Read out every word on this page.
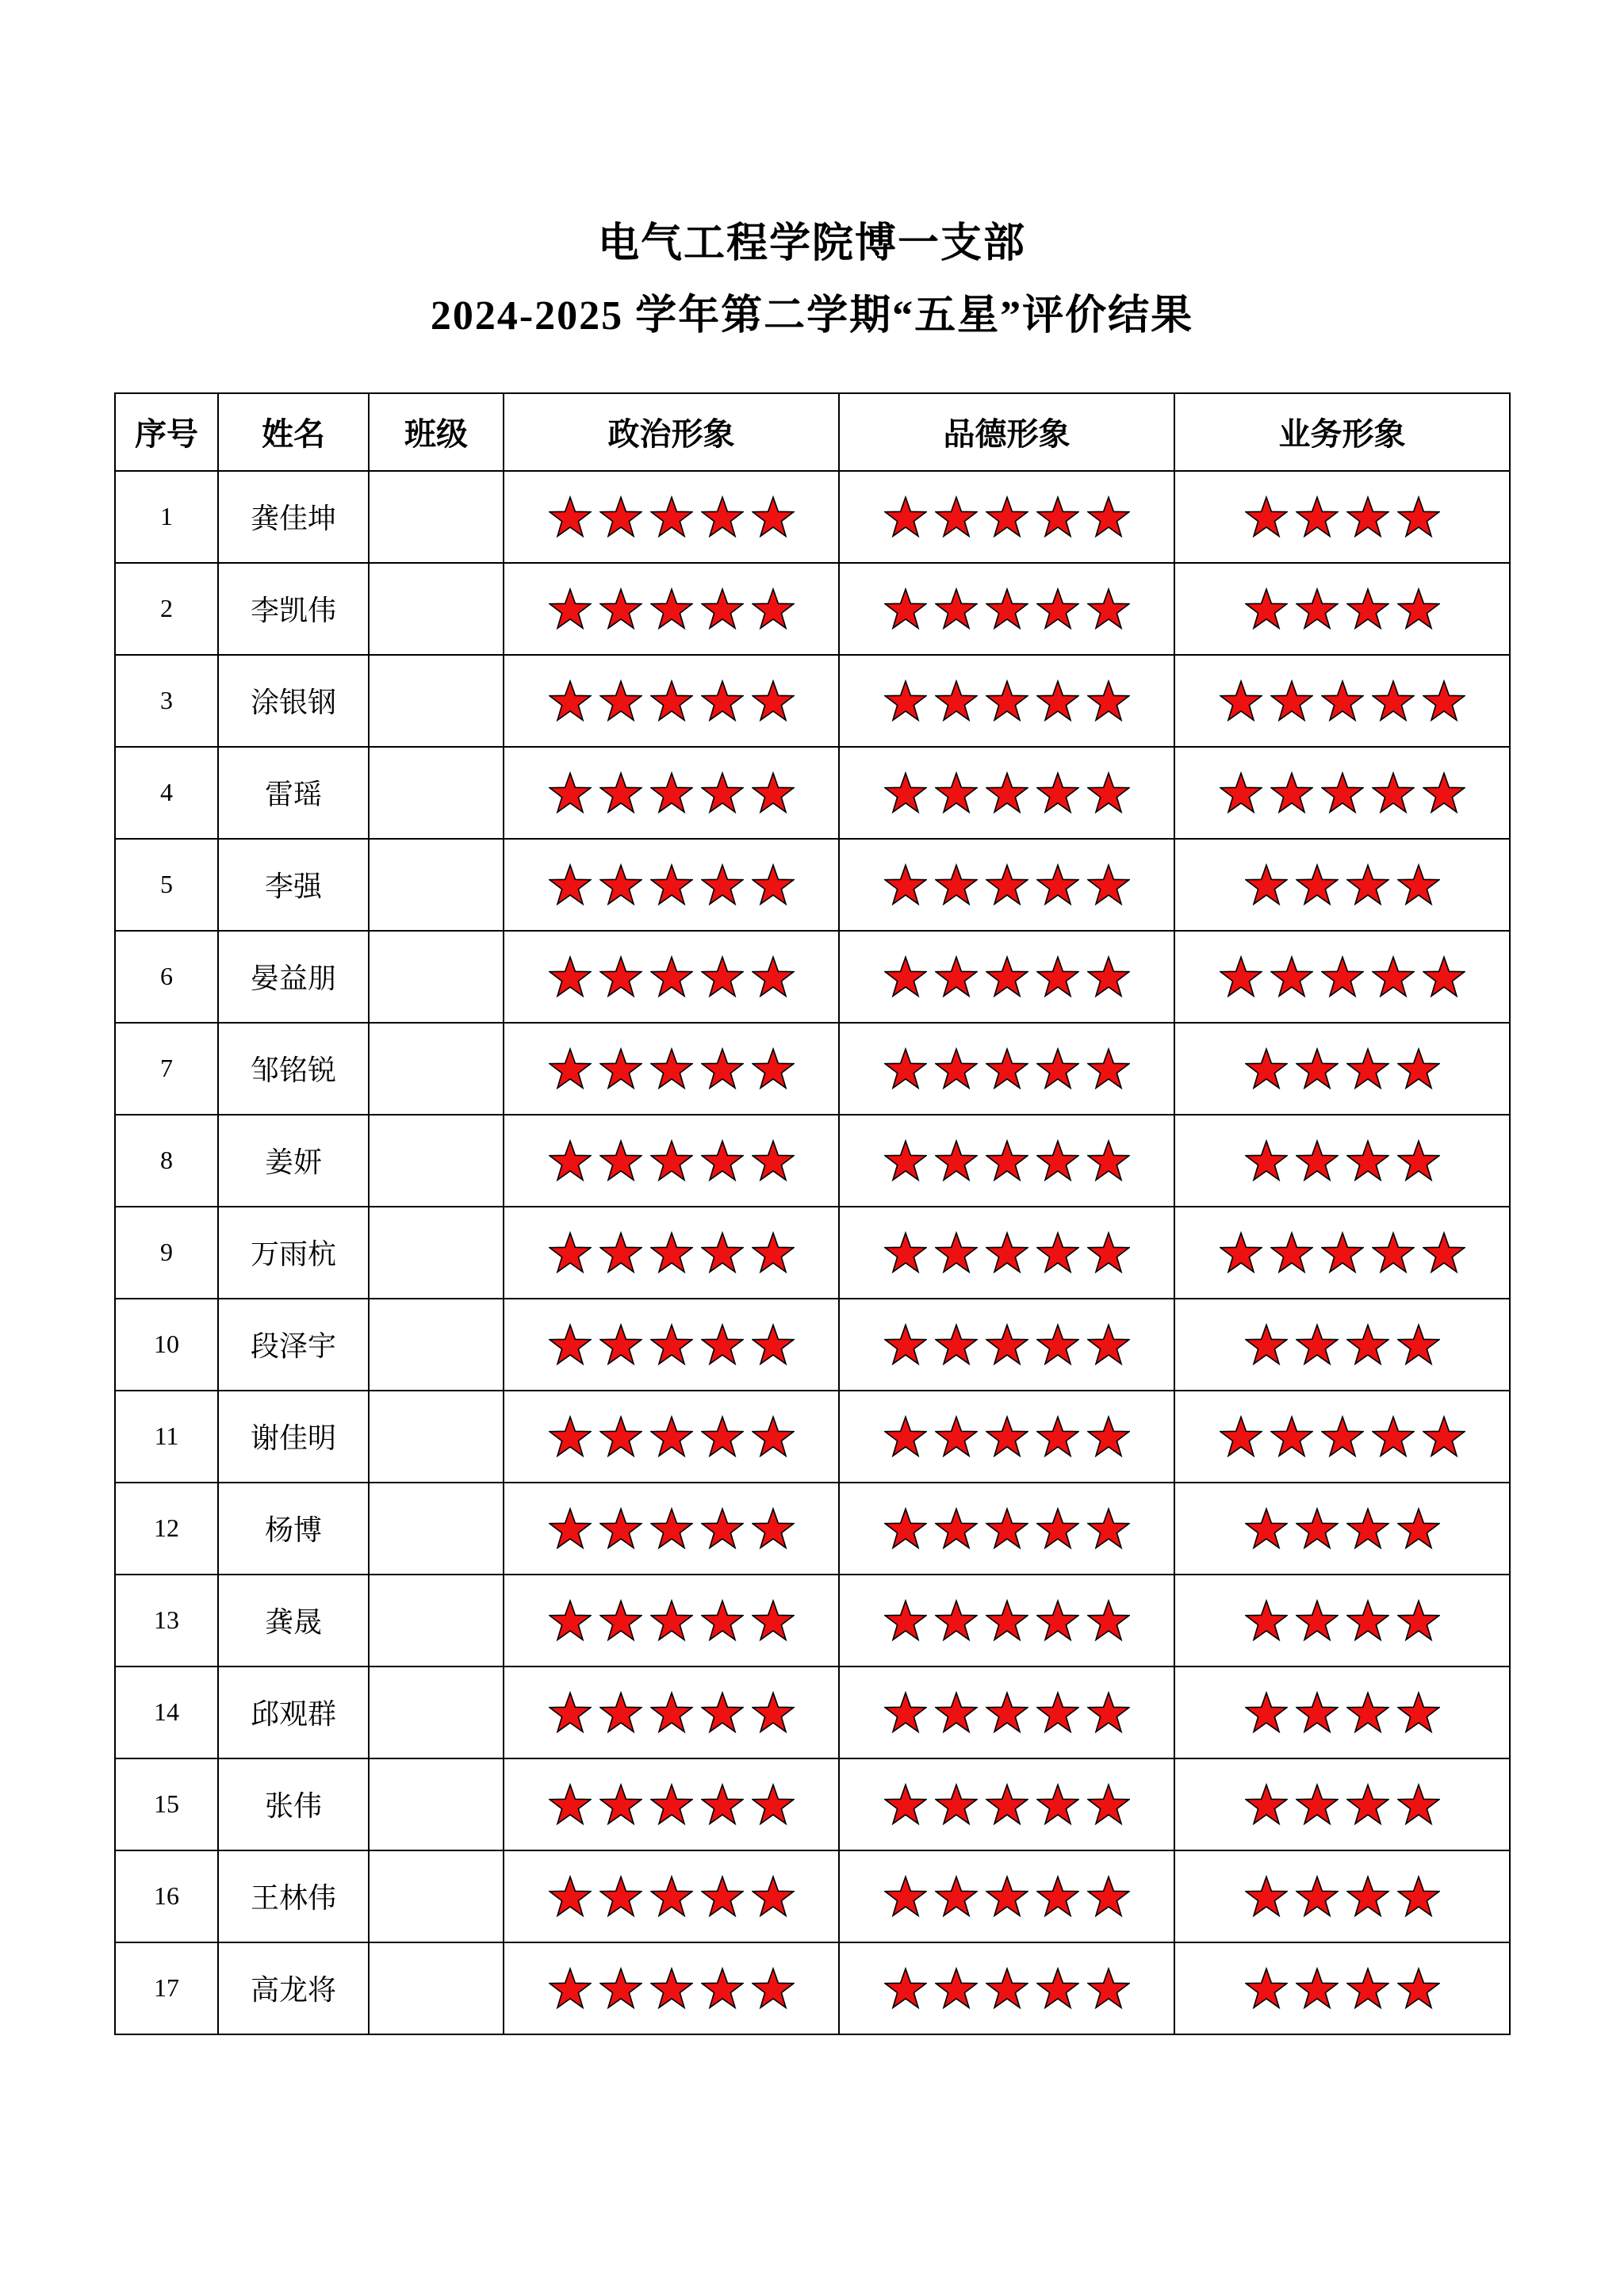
电气工程学院博一支部
2024-2025 学年第二学期“五星”评价结果
序号	姓名	班级	政治形象	品德形象	业务形象
1	龚佳坤		

2	李凯伟		

3	涂银钢		

4	雷瑶		

5	李强		

6	晏益朋		

7	邹铭锐		

8	姜妍		

9	万雨杭		

10	段泽宇		

11	谢佳明		

12	杨博		

13	龚晟		

14	邱观群		

15	张伟		

16	王林伟		

17	高龙将		
